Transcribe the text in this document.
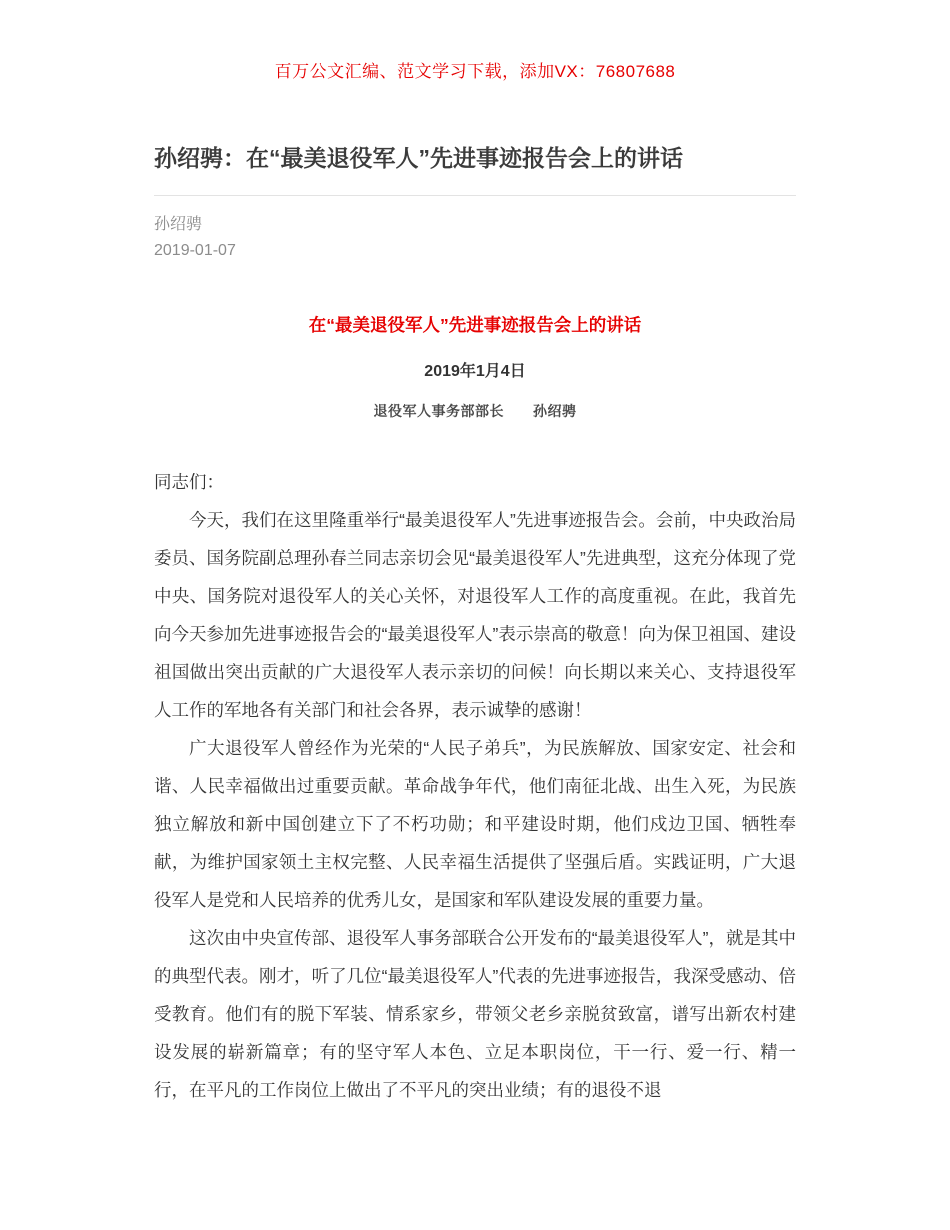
百万公文汇编、范文学习下载，添加VX：76807688
孙绍骋：在“最美退役军人”先进事迹报告会上的讲话
孙绍骋
2019-01-07
在“最美退役军人”先进事迹报告会上的讲话
2019年1月4日
退役军人事务部部长　　孙绍骋

同志们：

今天，我们在这里隆重举行“最美退役军人”先进事迹报告会。会前，中央政治局委员、国务院副总理孙春兰同志亲切会见“最美退役军人”先进典型，这充分体现了党中央、国务院对退役军人的关心关怀，对退役军人工作的高度重视。在此，我首先向今天参加先进事迹报告会的“最美退役军人”表示崇高的敬意！向为保卫祖国、建设祖国做出突出贡献的广大退役军人表示亲切的问候！向长期以来关心、支持退役军人工作的军地各有关部门和社会各界，表示诚挚的感谢！

广大退役军人曾经作为光荣的“人民子弟兵”，为民族解放、国家安定、社会和谐、人民幸福做出过重要贡献。革命战争年代，他们南征北战、出生入死，为民族独立解放和新中国创建立下了不朽功勋；和平建设时期，他们戍边卫国、牺牲奉献，为维护国家领土主权完整、人民幸福生活提供了坚强后盾。实践证明，广大退役军人是党和人民培养的优秀儿女，是国家和军队建设发展的重要力量。

这次由中央宣传部、退役军人事务部联合公开发布的“最美退役军人”，就是其中的典型代表。刚才，听了几位“最美退役军人”代表的先进事迹报告，我深受感动、倍受教育。他们有的脱下军装、情系家乡，带领父老乡亲脱贫致富，谱写出新农村建设发展的崭新篇章；有的坚守军人本色、立足本职岗位，干一行、爱一行、精一行，在平凡的工作岗位上做出了不平凡的突出业绩；有的退役不退
